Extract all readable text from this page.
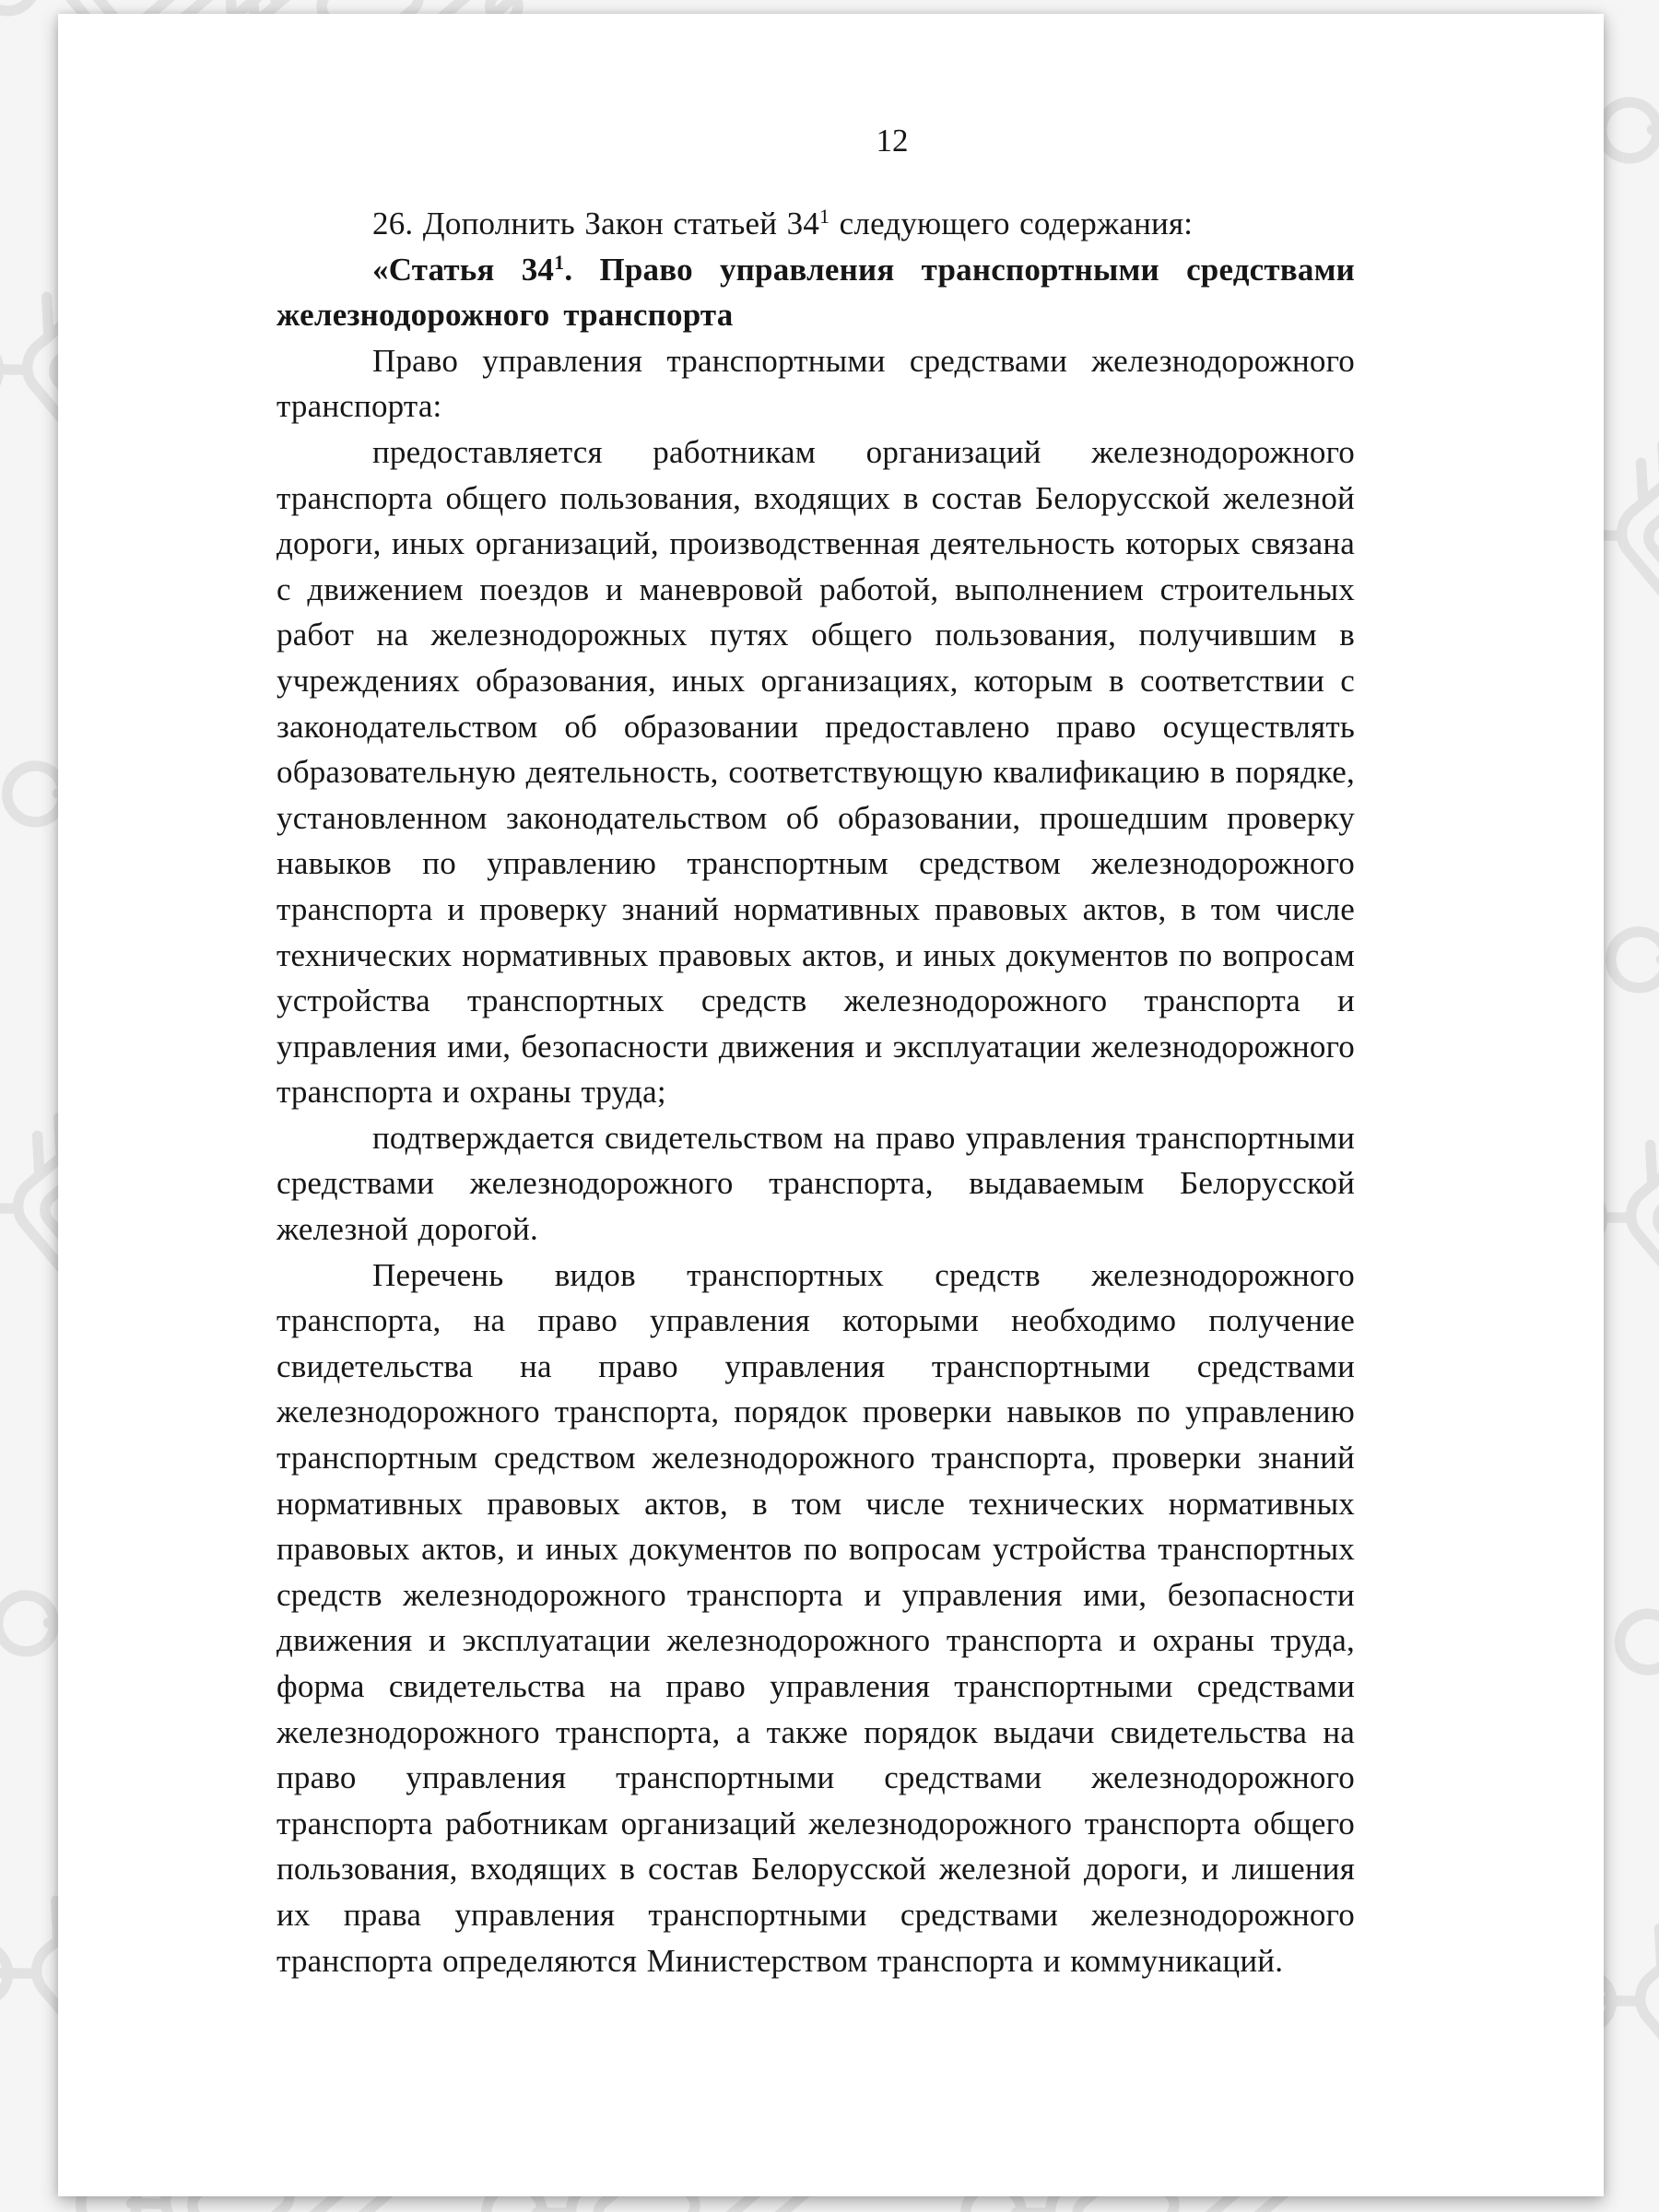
12

26. Дополнить Закон статьей $34^1$ следующего содержания:

«Статья $34^1$. Право управления транспортными средствами железнодорожного транспорта

Право управления транспортными средствами железнодорожного транспорта:

предоставляется работникам организаций железнодорожного транспорта общего пользования, входящих в состав Белорусской железной дороги, иных организаций, производственная деятельность которых связана с движением поездов и маневровой работой, выполнением строительных работ на железнодорожных путях общего пользования, получившим в учреждениях образования, иных организациях, которым в соответствии с законодательством об образовании предоставлено право осуществлять образовательную деятельность, соответствующую квалификацию в порядке, установленном законодательством об образовании, прошедшим проверку навыков по управлению транспортным средством железнодорожного транспорта и проверку знаний нормативных правовых актов, в том числе технических нормативных правовых актов, и иных документов по вопросам устройства транспортных средств железнодорожного транспорта и управления ими, безопасности движения и эксплуатации железнодорожного транспорта и охраны труда;

подтверждается свидетельством на право управления транспортными средствами железнодорожного транспорта, выдаваемым Белорусской железной дорогой.

Перечень видов транспортных средств железнодорожного транспорта, на право управления которыми необходимо получение свидетельства на право управления транспортными средствами железнодорожного транспорта, порядок проверки навыков по управлению транспортным средством железнодорожного транспорта, проверки знаний нормативных правовых актов, в том числе технических нормативных правовых актов, и иных документов по вопросам устройства транспортных средств железнодорожного транспорта и управления ими, безопасности движения и эксплуатации железнодорожного транспорта и охраны труда, форма свидетельства на право управления транспортными средствами железнодорожного транспорта, а также порядок выдачи свидетельства на право управления транспортными средствами железнодорожного транспорта работникам организаций железнодорожного транспорта общего пользования, входящих в состав Белорусской железной дороги, и лишения их права управления транспортными средствами железнодорожного транспорта определяются Министерством транспорта и коммуникаций.
